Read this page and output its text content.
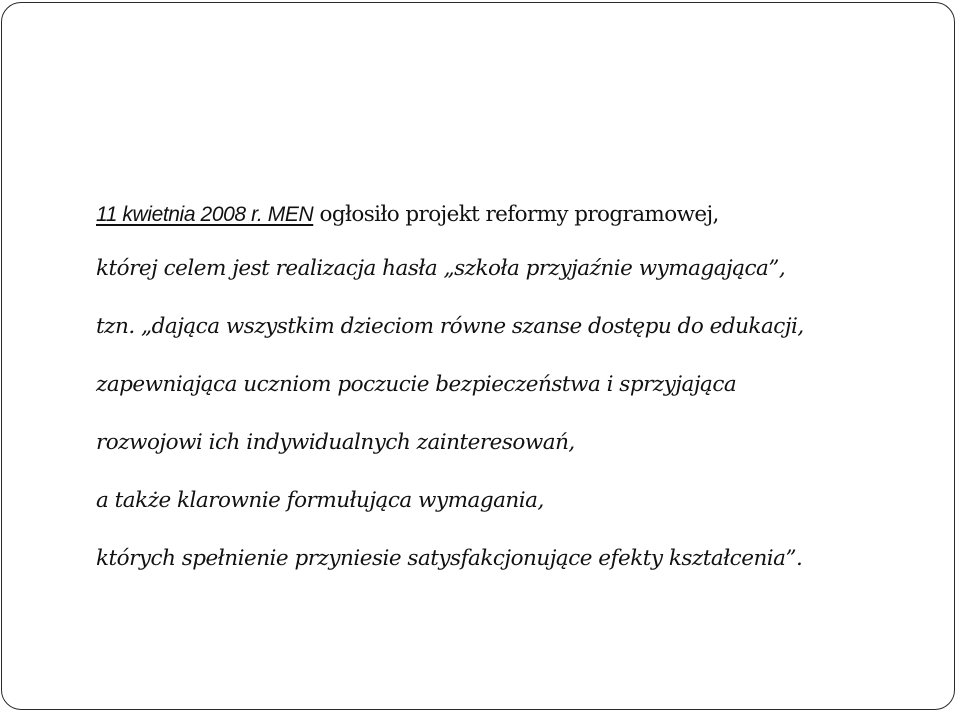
11 kwietnia 2008 r. MEN ogłosiło projekt reformy programowej,
której celem jest realizacja hasła „szkoła przyjaźnie wymagająca”,
tzn. „dająca wszystkim dzieciom równe szanse dostępu do edukacji,
zapewniająca uczniom poczucie bezpieczeństwa i sprzyjająca
rozwojowi ich indywidualnych zainteresowań,
a także klarownie formułująca wymagania,
których spełnienie przyniesie satysfakcjonujące efekty kształcenia”.
